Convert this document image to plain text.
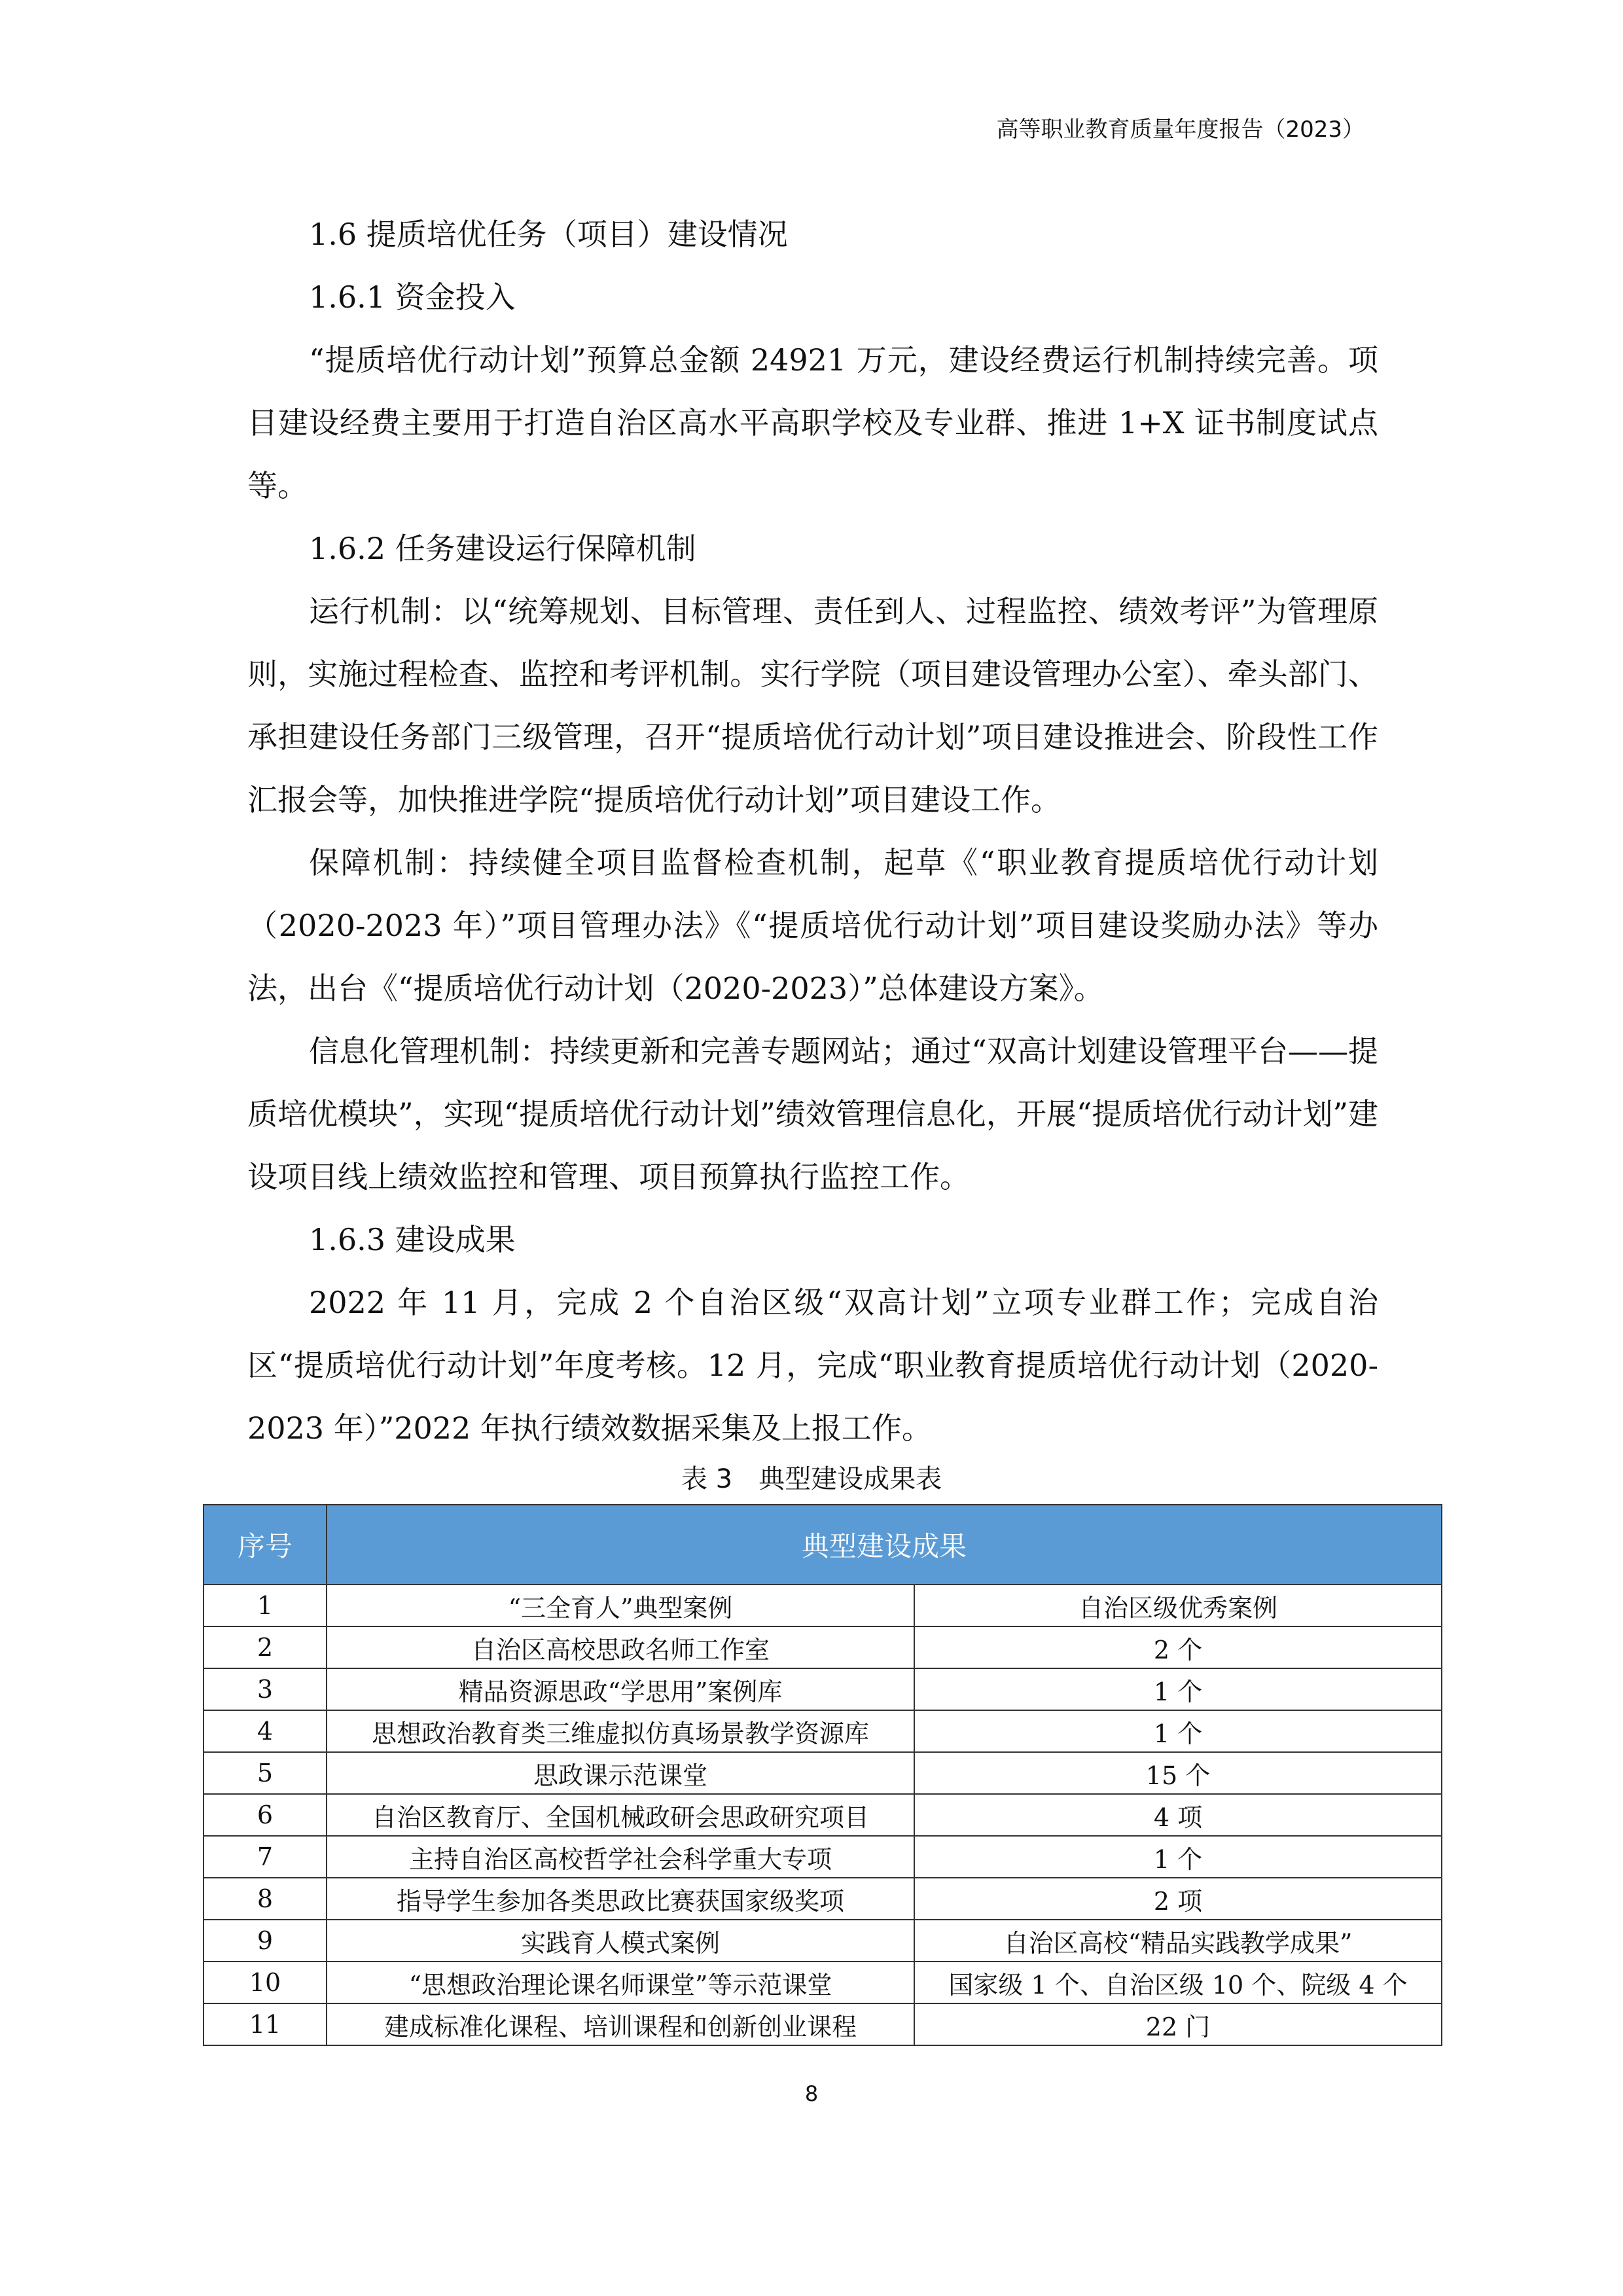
高等职业教育质量年度报告（2023）
1.6 提质培优任务（项目）建设情况
1.6.1 资金投入

“提质培优行动计划”预算总金额 24921 万元，建设经费运行机制持续完善。项目建设经费主要用于打造自治区高水平高职学校及专业群、推进 1+X 证书制度试点等。

1.6.2 任务建设运行保障机制

运行机制：以“统筹规划、目标管理、责任到人、过程监控、绩效考评”为管理原则，实施过程检查、监控和考评机制。实行学院（项目建设管理办公室）、牵头部门、承担建设任务部门三级管理，召开“提质培优行动计划”项目建设推进会、阶段性工作汇报会等，加快推进学院“提质培优行动计划”项目建设工作。

保障机制：持续健全项目监督检查机制，起草《“职业教育提质培优行动计划（2020-2023 年）”项目管理办法》《“提质培优行动计划”项目建设奖励办法》等办法，出台《“提质培优行动计划（2020-2023）”总体建设方案》。

信息化管理机制：持续更新和完善专题网站；通过“双高计划建设管理平台——提质培优模块”，实现“提质培优行动计划”绩效管理信息化，开展“提质培优行动计划”建设项目线上绩效监控和管理、项目预算执行监控工作。

1.6.3 建设成果

2022 年 11 月，完成 2 个自治区级“双高计划”立项专业群工作；完成自治区“提质培优行动计划”年度考核。12 月，完成“职业教育提质培优行动计划（2020-2023 年）”2022 年执行绩效数据采集及上报工作。

表 3　典型建设成果表
序号	典型建设成果	
1	“三全育人”典型案例	自治区级优秀案例
2	自治区高校思政名师工作室	2 个
3	精品资源思政“学思用”案例库	1 个
4	思想政治教育类三维虚拟仿真场景教学资源库	1 个
5	思政课示范课堂	15 个
6	自治区教育厅、全国机械政研会思政研究项目	4 项
7	主持自治区高校哲学社会科学重大专项	1 个
8	指导学生参加各类思政比赛获国家级奖项	2 项
9	实践育人模式案例	自治区高校“精品实践教学成果”
10	“思想政治理论课名师课堂”等示范课堂	国家级 1 个、自治区级 10 个、院级 4 个
11	建成标准化课程、培训课程和创新创业课程	22 门
8
